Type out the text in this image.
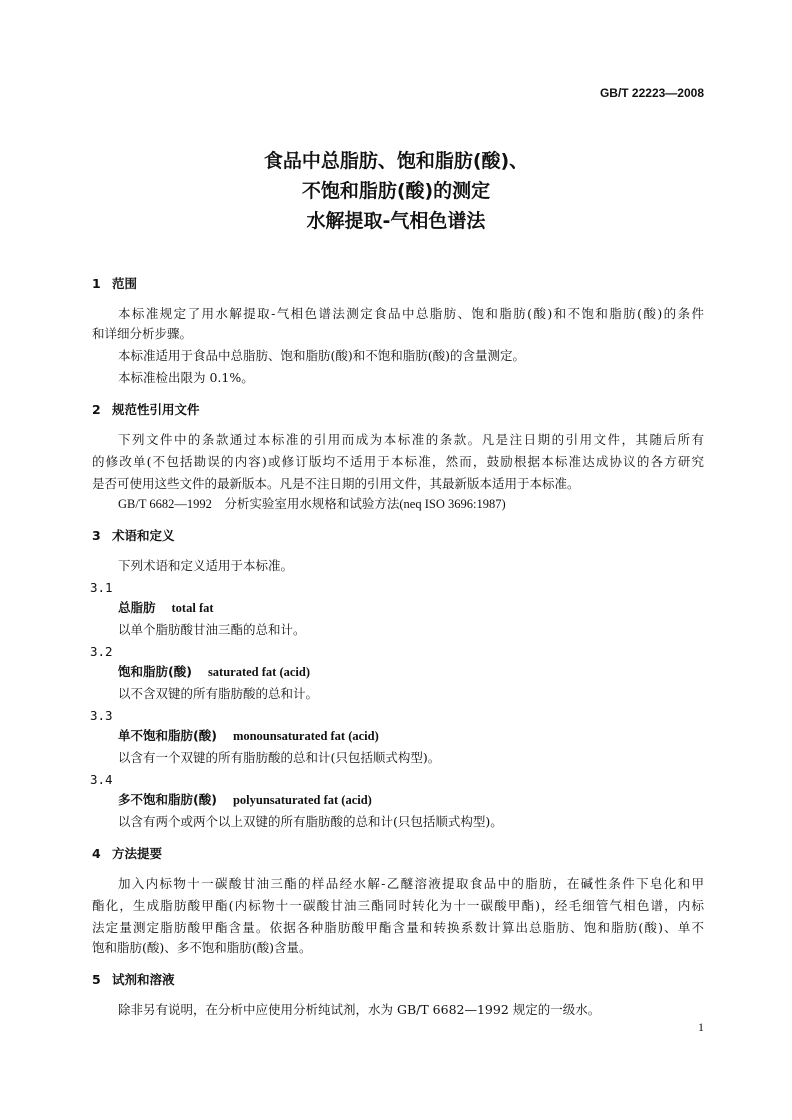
GB/T 22223—2008
食品中总脂肪、饱和脂肪(酸)、
不饱和脂肪(酸)的测定
水解提取-气相色谱法
1 范围
本标准规定了用水解提取-气相色谱法测定食品中总脂肪、饱和脂肪(酸)和不饱和脂肪(酸)的条件
和详细分析步骤。
本标准适用于食品中总脂肪、饱和脂肪(酸)和不饱和脂肪(酸)的含量测定。
本标准检出限为 0.1%。
2 规范性引用文件
下列文件中的条款通过本标准的引用而成为本标准的条款。凡是注日期的引用文件，其随后所有
的修改单(不包括勘误的内容)或修订版均不适用于本标准，然而，鼓励根据本标准达成协议的各方研究
是否可使用这些文件的最新版本。凡是不注日期的引用文件，其最新版本适用于本标准。
GB/T 6682—1992　分析实验室用水规格和试验方法(neq ISO 3696:1987)
3 术语和定义
下列术语和定义适用于本标准。
3.1
总脂肪 total fat
以单个脂肪酸甘油三酯的总和计。
3.2
饱和脂肪(酸) saturated fat (acid)
以不含双键的所有脂肪酸的总和计。
3.3
单不饱和脂肪(酸) monounsaturated fat (acid)
以含有一个双键的所有脂肪酸的总和计(只包括顺式构型)。
3.4
多不饱和脂肪(酸) polyunsaturated fat (acid)
以含有两个或两个以上双键的所有脂肪酸的总和计(只包括顺式构型)。
4 方法提要
加入内标物十一碳酸甘油三酯的样品经水解-乙醚溶液提取食品中的脂肪，在碱性条件下皂化和甲
酯化，生成脂肪酸甲酯(内标物十一碳酸甘油三酯同时转化为十一碳酸甲酯)，经毛细管气相色谱，内标
法定量测定脂肪酸甲酯含量。依据各种脂肪酸甲酯含量和转换系数计算出总脂肪、饱和脂肪(酸)、单不
饱和脂肪(酸)、多不饱和脂肪(酸)含量。
5 试剂和溶液
除非另有说明，在分析中应使用分析纯试剂，水为 GB/T 6682—1992 规定的一级水。
1
